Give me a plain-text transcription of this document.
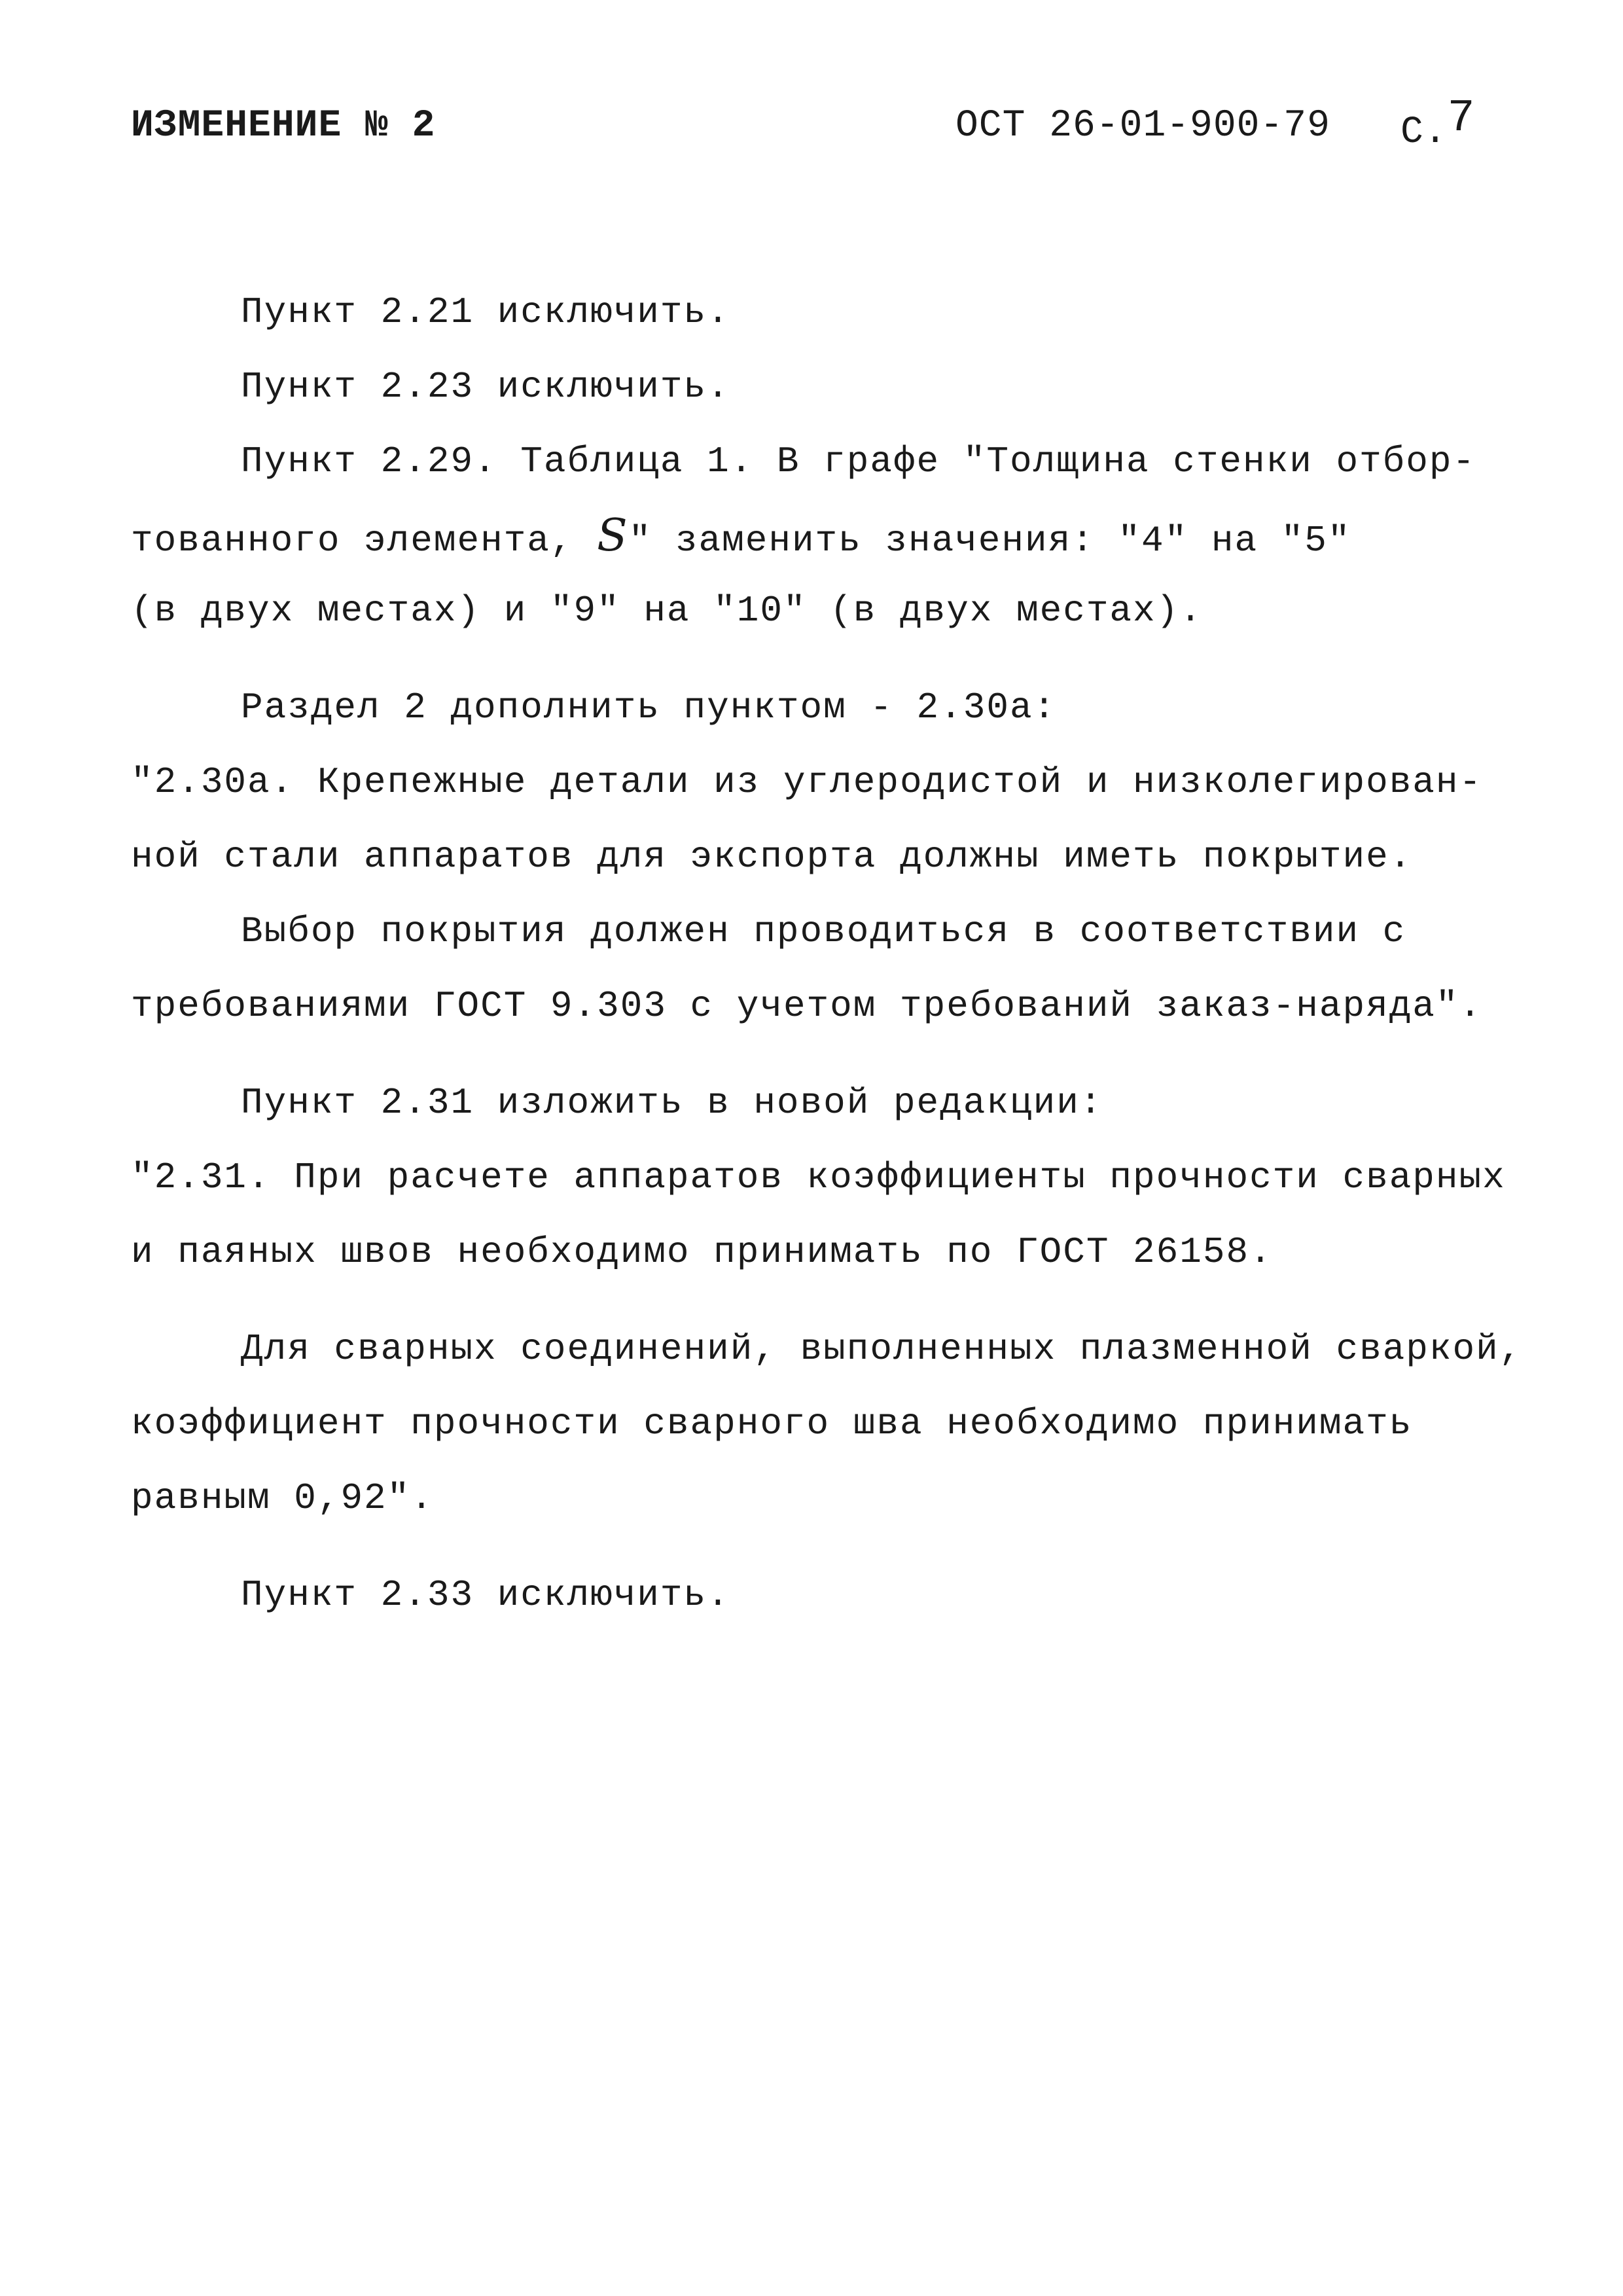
ИЗМЕНЕНИЕ № 2	ОСТ 26-01-900-79 С.7
Пункт 2.21 исключить.
Пункт 2.23 исключить.
Пункт 2.29. Таблица 1. В графе "Толщина стенки отбор-
тованного элемента, S" заменить значения: "4" на "5"
(в двух местах) и "9" на "10" (в двух местах).
Раздел 2 дополнить пунктом - 2.30а:
"2.30а. Крепежные детали из углеродистой и низколегирован-
ной стали аппаратов для экспорта должны иметь покрытие.
Выбор покрытия должен проводиться в соответствии с
требованиями ГОСТ 9.303 с учетом требований заказ-наряда".
Пункт 2.31 изложить в новой редакции:
"2.31. При расчете аппаратов коэффициенты прочности сварных
и паяных швов необходимо принимать по ГОСТ 26158.
Для сварных соединений, выполненных плазменной сваркой,
коэффициент прочности сварного шва необходимо принимать
равным 0,92".
Пункт 2.33 исключить.
